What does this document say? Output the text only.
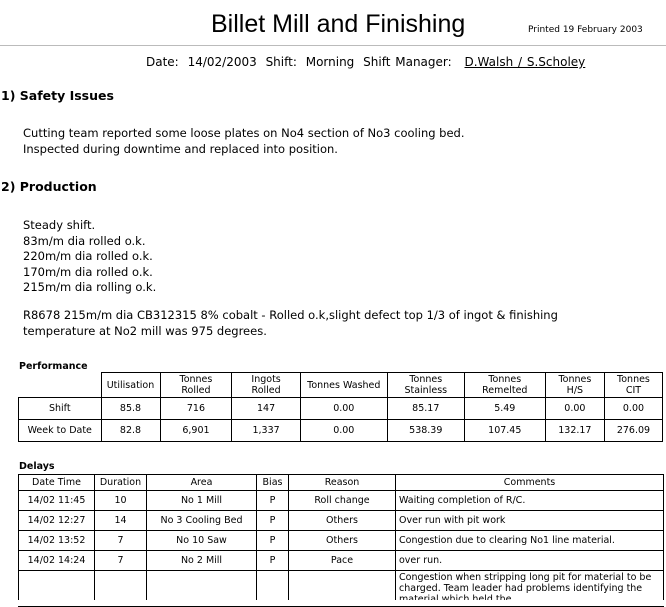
Billet Mill and Finishing	Printed 19 February 2003
Date: 14/02/2003 Shift: Morning Shift Manager: D.Walsh / S.Scholey
1) Safety Issues
Cutting team reported some loose plates on No4 section of No3 cooling bed.
Inspected during downtime and replaced into position.
2) Production
Steady shift.
83m/m dia rolled o.k.
220m/m dia rolled o.k.
170m/m dia rolled o.k.
215m/m dia rolling o.k.
R8678 215m/m dia CB312315 8% cobalt - Rolled o.k,slight defect top 1/3 of ingot & finishing
temperature at No2 mill was 975 degrees.
Performance
	Utilisation	Tonnes Rolled	Ingots Rolled	Tonnes Washed	Tonnes Stainless	Tonnes Remelted	Tonnes H/S	Tonnes CIT
Shift	85.8	716	147	0.00	85.17	5.49	0.00	0.00
Week to Date	82.8	6,901	1,337	0.00	538.39	107.45	132.17	276.09
Delays
Date Time	Duration	Area	Bias	Reason	Comments
14/02 11:45	10	No 1 Mill	P	Roll change	Waiting completion of R/C.
14/02 12:27	14	No 3 Cooling Bed	P	Others	Over run with pit work
14/02 13:52	7	No 10 Saw	P	Others	Congestion due to clearing No1 line material.
14/02 14:24	7	No 2 Mill	P	Pace	over run.
					Congestion when stripping long pit for material to be charged. Team leader had problems identifying the
